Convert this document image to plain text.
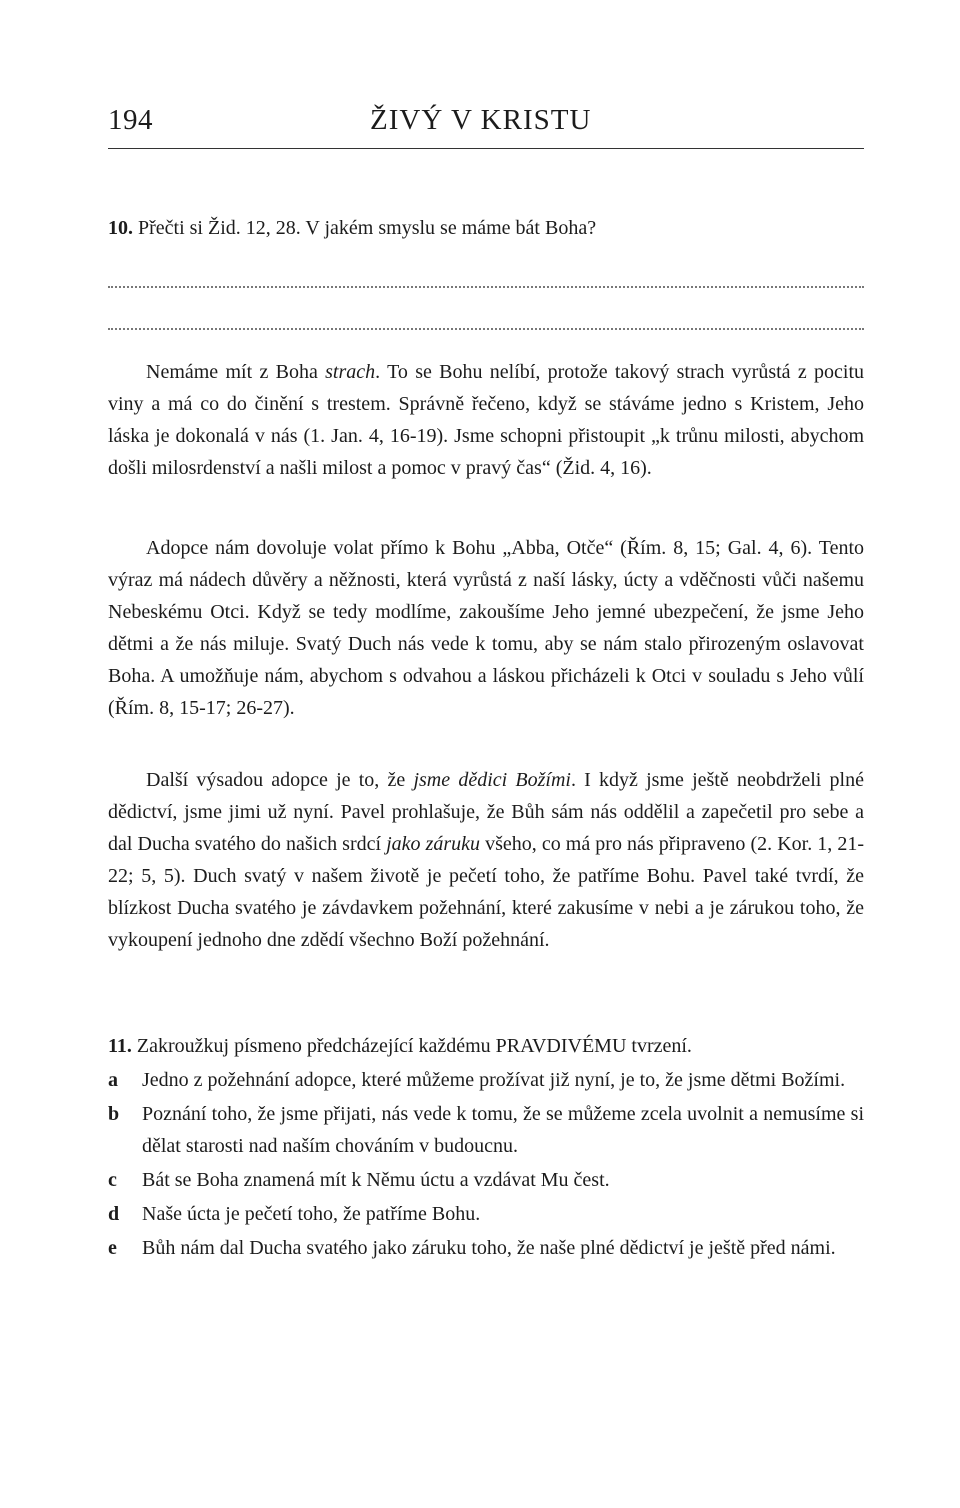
194	ŽIVÝ V KRISTU
10. Přečti si Žid. 12, 28. V jakém smyslu se máme bát Boha?

Nemáme mít z Boha strach. To se Bohu nelíbí, protože takový strach vyrůstá z pocitu viny a má co do činění s trestem. Správně řečeno, když se stáváme jedno s Kristem, Jeho láska je dokonalá v nás (1. Jan. 4, 16-19). Jsme schopni přistoupit „k trůnu milosti, abychom došli milosrdenství a našli milost a pomoc v pravý čas“ (Žid. 4, 16).

Adopce nám dovoluje volat přímo k Bohu „Abba, Otče“ (Řím. 8, 15; Gal. 4, 6). Tento výraz má nádech důvěry a něžnosti, která vyrůstá z naší lásky, úcty a vděčnosti vůči našemu Nebeskému Otci. Když se tedy modlíme, zakoušíme Jeho jemné ubezpečení, že jsme Jeho dětmi a že nás miluje. Svatý Duch nás vede k tomu, aby se nám stalo přirozeným oslavovat Boha. A umožňuje nám, abychom s odvahou a láskou přicházeli k Otci v souladu s Jeho vůlí (Řím. 8, 15-17; 26-27).

Další výsadou adopce je to, že jsme dědici Božími. I když jsme ještě neobdrželi plné dědictví, jsme jimi už nyní. Pavel prohlašuje, že Bůh sám nás oddělil a zapečetil pro sebe a dal Ducha svatého do našich srdcí jako záruku všeho, co má pro nás připraveno (2. Kor. 1, 21-22; 5, 5). Duch svatý v našem životě je pečetí toho, že patříme Bohu. Pavel také tvrdí, že blízkost Ducha svatého je závdavkem požehnání, které zakusíme v nebi a je zárukou toho, že vykoupení jednoho dne zdědí všechno Boží požehnání.

11. Zakroužkuj písmeno předcházející každému PRAVDIVÉMU tvrzení.
a Jedno z požehnání adopce, které můžeme prožívat již nyní, je to, že jsme dětmi Božími.
b Poznání toho, že jsme přijati, nás vede k tomu, že se můžeme zcela uvolnit a nemusíme si dělat starosti nad naším chováním v budoucnu.
c Bát se Boha znamená mít k Němu úctu a vzdávat Mu čest.
d Naše úcta je pečetí toho, že patříme Bohu.
e Bůh nám dal Ducha svatého jako záruku toho, že naše plné dědictví je ještě před námi.
